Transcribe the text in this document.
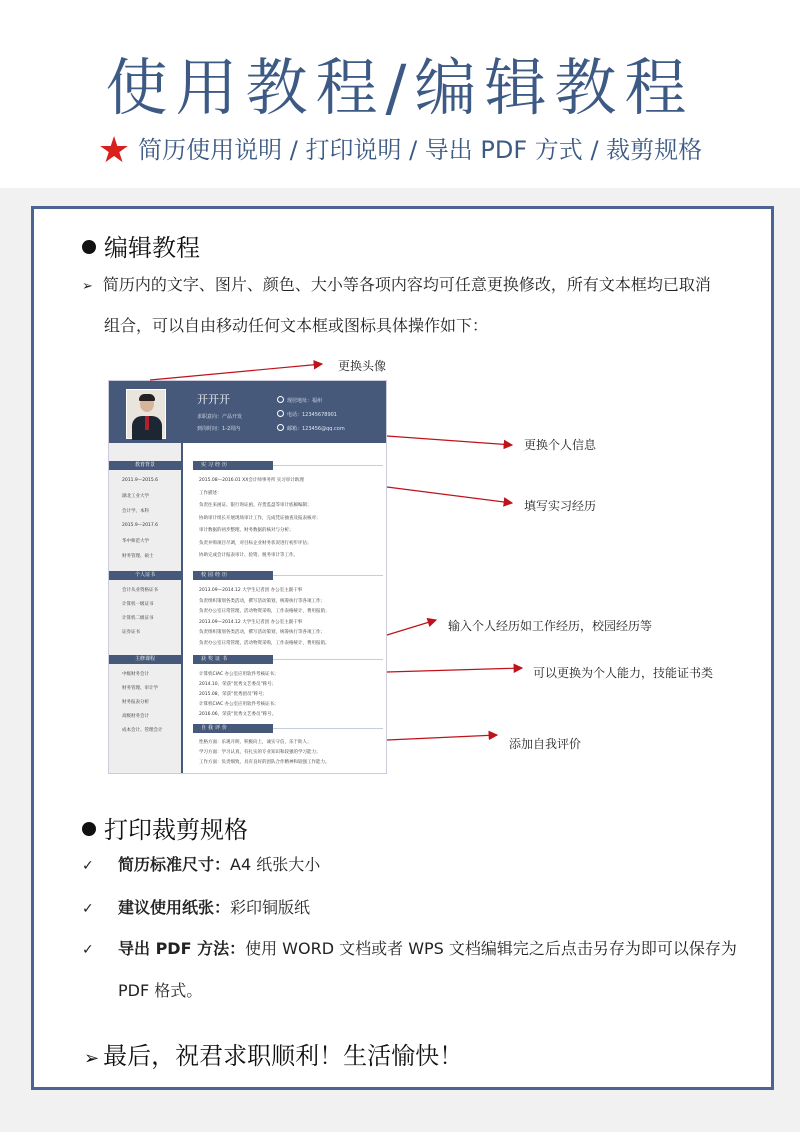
使用教程/编辑教程
★ 简历使用说明 / 打印说明 / 导出 PDF 方式 / 裁剪规格
编辑教程
➢ 简历内的文字、图片、颜色、大小等各项内容均可任意更换修改，所有文本框均已取消
组合，可以自由移动任何文本框或图标具体操作如下：
开开开
求职意向：产品开发
到岗时间：1-2周内
现居地址：福州
电话：12345678901
邮箱：123456@qq.com
教育背景
2011.9—2015.6
湖北工业大学
会计学、本科
2015.9—2017.6
华中师范大学
财务管理、硕士
个人证书
会计从业资格证书
计算机一级证书
计算机二级证书
证券证书
主修课程
中级财务会计
财务管理、审计学
财务报表分析
高级财务会计
成本会计、管理会计
实习经历
2015.08—2016.01 XX会计师事务所 实习审计助理
工作描述：
负责往来函证、银行询证函、存货监盘等审计底稿编制；
协助审计组长开展现场审计工作，完成凭证抽查及报表核对；
审计数据的初步整理、财务数据的核对与分析；
负责并购项目尽调，对目标企业财务状况进行初步评估；
协助完成会计报表审计、验资、税务审计等工作。
校园经历
2013.09—2014.12 大学生记者团 办公室主副干事
负责组织策划各类活动，撰写活动策划，统筹执行等各项工作；
负责办公室日常管理，活动物资采购，工作表格统计，费用报销；
2013.09—2014.12 大学生记者团 办公室主副干事
负责组织策划各类活动，撰写活动策划，统筹执行等各项工作；
负责办公室日常管理，活动物资采购，工作表格统计，费用报销。
获奖证书
计算机CIAC 办公室应用软件考核证书；
2014.10，荣获“优秀文艺委员”称号；
2015.08，荣获“优秀团员”称号；
计算机CIAC 办公室应用软件考核证书；
2016.06，荣获“优秀文艺委员”称号。
自我评价
性格方面：乐观开朗，积极向上，诚实守信，乐于助人；
学习方面：学习认真，有扎实的专业知识和较强的学习能力；
工作方面：负责细致，具有良好的团队合作精神和较强工作能力。
更换头像
更换个人信息
填写实习经历
输入个人经历如工作经历，校园经历等
可以更换为个人能力，技能证书类
添加自我评价
打印裁剪规格
✓ 简历标准尺寸：A4 纸张大小
✓ 建议使用纸张：彩印铜版纸
✓ 导出 PDF 方法：使用 WORD 文档或者 WPS 文档编辑完之后点击另存为即可以保存为
PDF 格式。
➢ 最后，祝君求职顺利！生活愉快！
